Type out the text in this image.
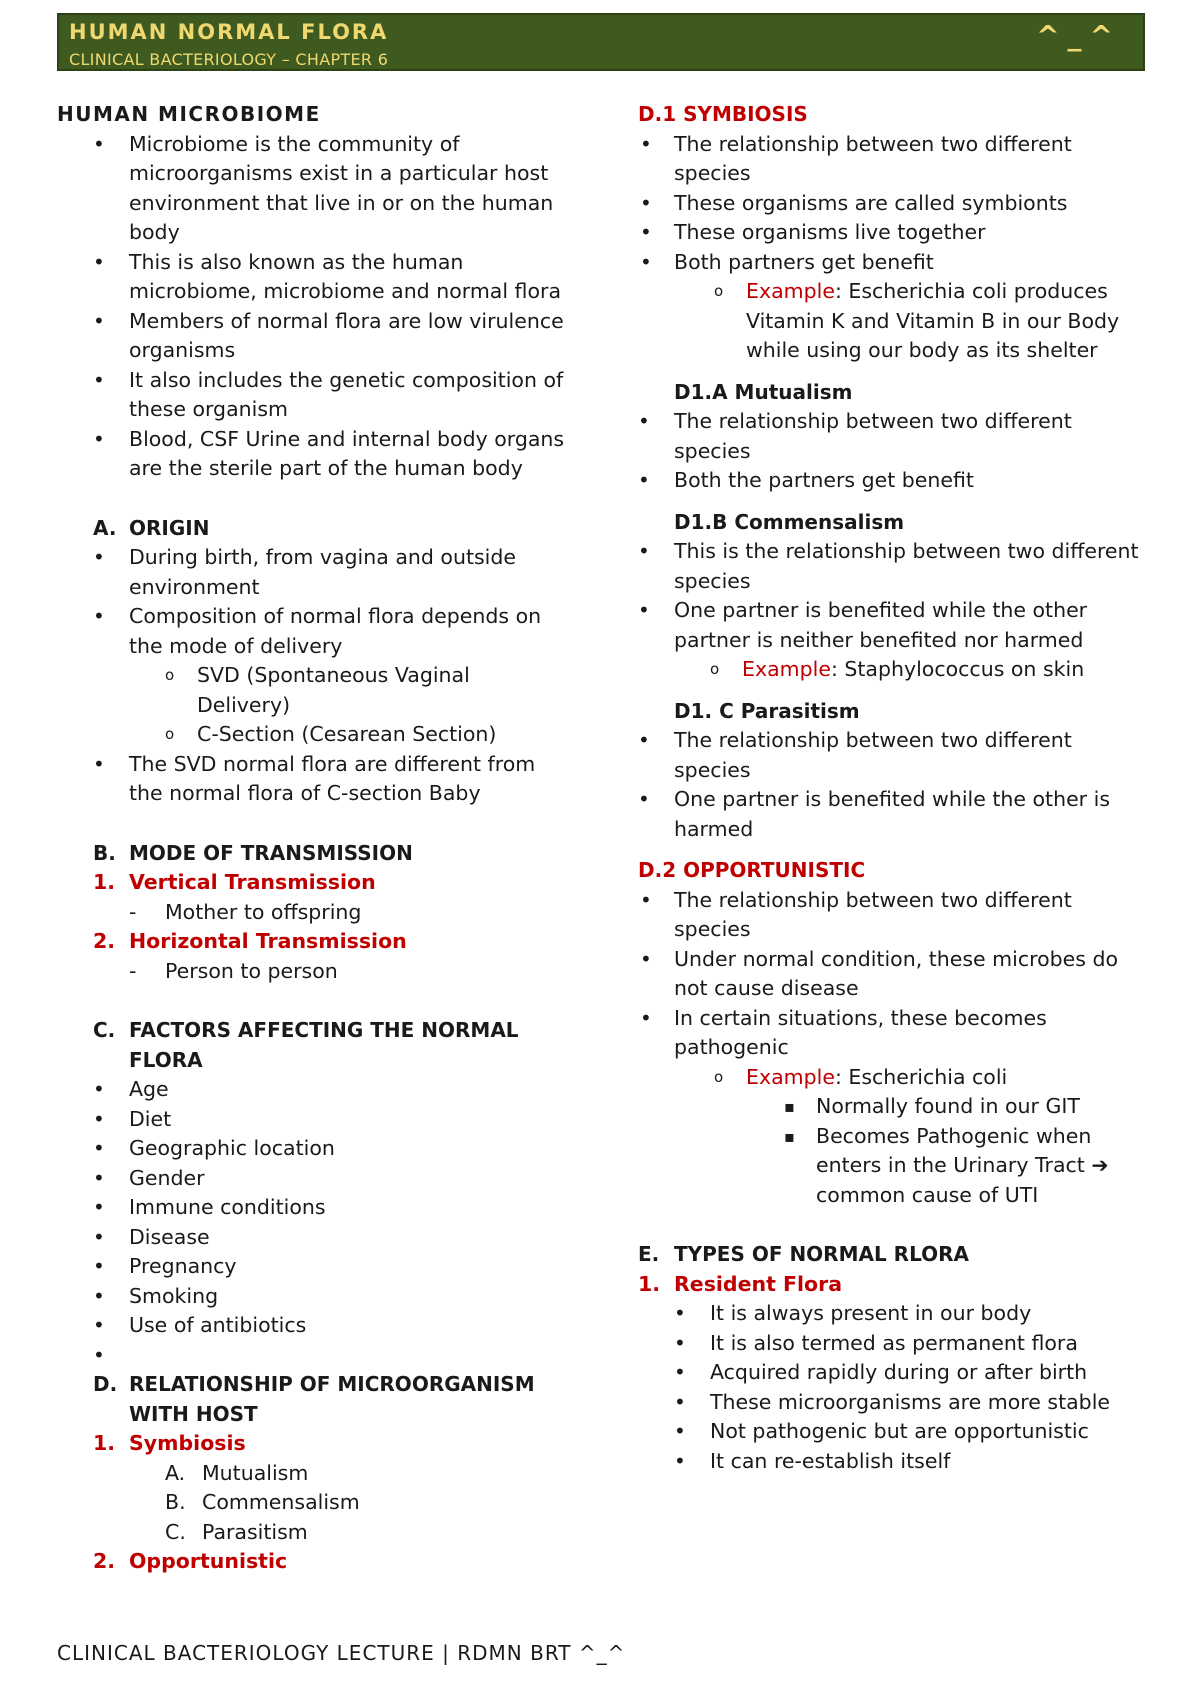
HUMAN NORMAL FLORA
CLINICAL BACTERIOLOGY – CHAPTER 6
^_^

HUMAN MICROBIOME

• Microbiome is the community of microorganisms exist in a particular host environment that live in or on the human body
• This is also known as the human microbiome, microbiome and normal flora
• Members of normal flora are low virulence organisms
• It also includes the genetic composition of these organism
• Blood, CSF Urine and internal body organs are the sterile part of the human body
A. ORIGIN
• During birth, from vagina and outside environment
• Composition of normal flora depends on the mode of delivery
o SVD (Spontaneous Vaginal Delivery)
o C-Section (Cesarean Section)
• The SVD normal flora are different from the normal flora of C-section Baby
B. MODE OF TRANSMISSION
1. Vertical Transmission
- Mother to offspring
2. Horizontal Transmission
- Person to person
C. FACTORS AFFECTING THE NORMAL FLORA
• Age
• Diet
• Geographic location
• Gender
• Immune conditions
• Disease
• Pregnancy
• Smoking
• Use of antibiotics
•
D. RELATIONSHIP OF MICROORGANISM WITH HOST
1. Symbiosis
A. Mutualism
B. Commensalism
C. Parasitism
2. Opportunistic

D.1 SYMBIOSIS

• The relationship between two different species
• These organisms are called symbionts
• These organisms live together
• Both partners get benefit
o Example: Escherichia coli produces Vitamin K and Vitamin B in our Body while using our body as its shelter
D1.A Mutualism
• The relationship between two different species
• Both the partners get benefit
D1.B Commensalism
• This is the relationship between two different species
• One partner is benefited while the other partner is neither benefited nor harmed
o Example: Staphylococcus on skin
D1. C Parasitism
• The relationship between two different species
• One partner is benefited while the other is harmed

D.2 OPPORTUNISTIC

• The relationship between two different species
• Under normal condition, these microbes do not cause disease
• In certain situations, these becomes pathogenic
o Example: Escherichia coli
▪ Normally found in our GIT
▪ Becomes Pathogenic when enters in the Urinary Tract ➔ common cause of UTI
E. TYPES OF NORMAL RLORA
1. Resident Flora
• It is always present in our body
• It is also termed as permanent flora
• Acquired rapidly during or after birth
• These microorganisms are more stable
• Not pathogenic but are opportunistic
• It can re-establish itself
CLINICAL BACTERIOLOGY LECTURE | RDMN BRT ^_^
